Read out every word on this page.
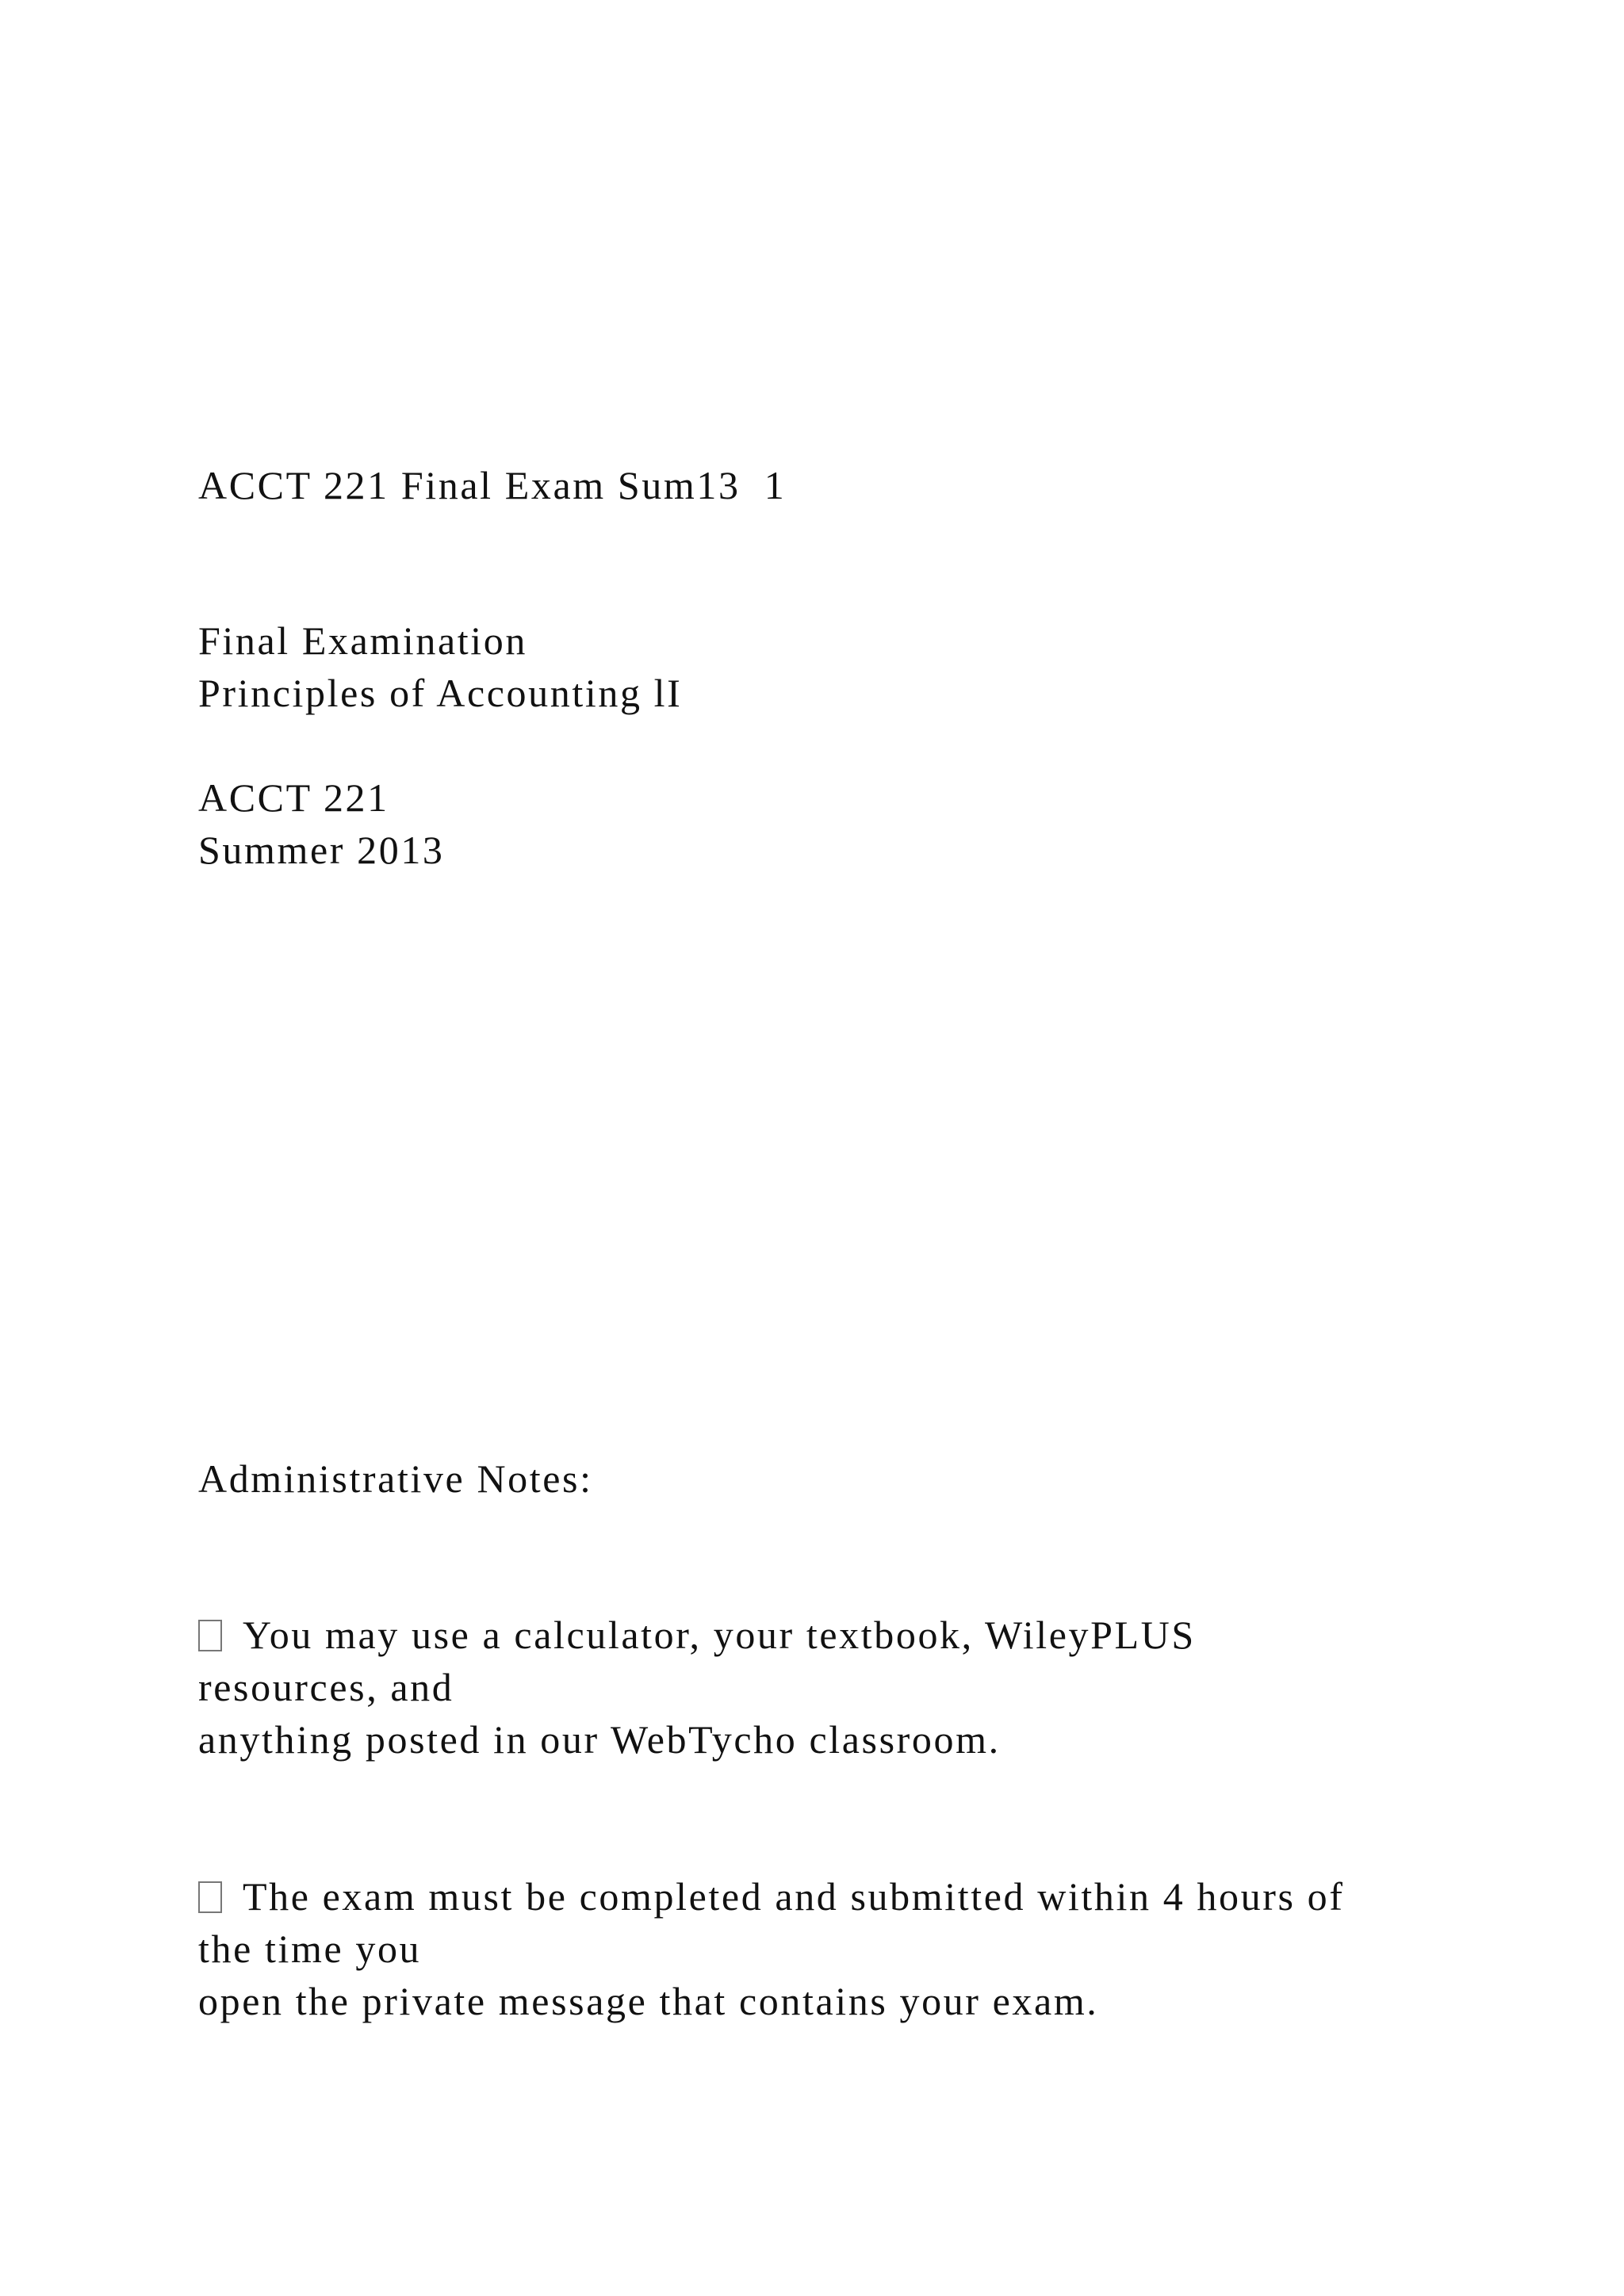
ACCT 221 Final Exam Sum13  1
Final Examination
Principles of Accounting lI
ACCT 221
Summer 2013
Administrative Notes:
You may use a calculator, your textbook, WileyPLUS
resources, and
anything posted in our WebTycho classroom.
The exam must be completed and submitted within 4 hours of
the time you
open the private message that contains your exam.
